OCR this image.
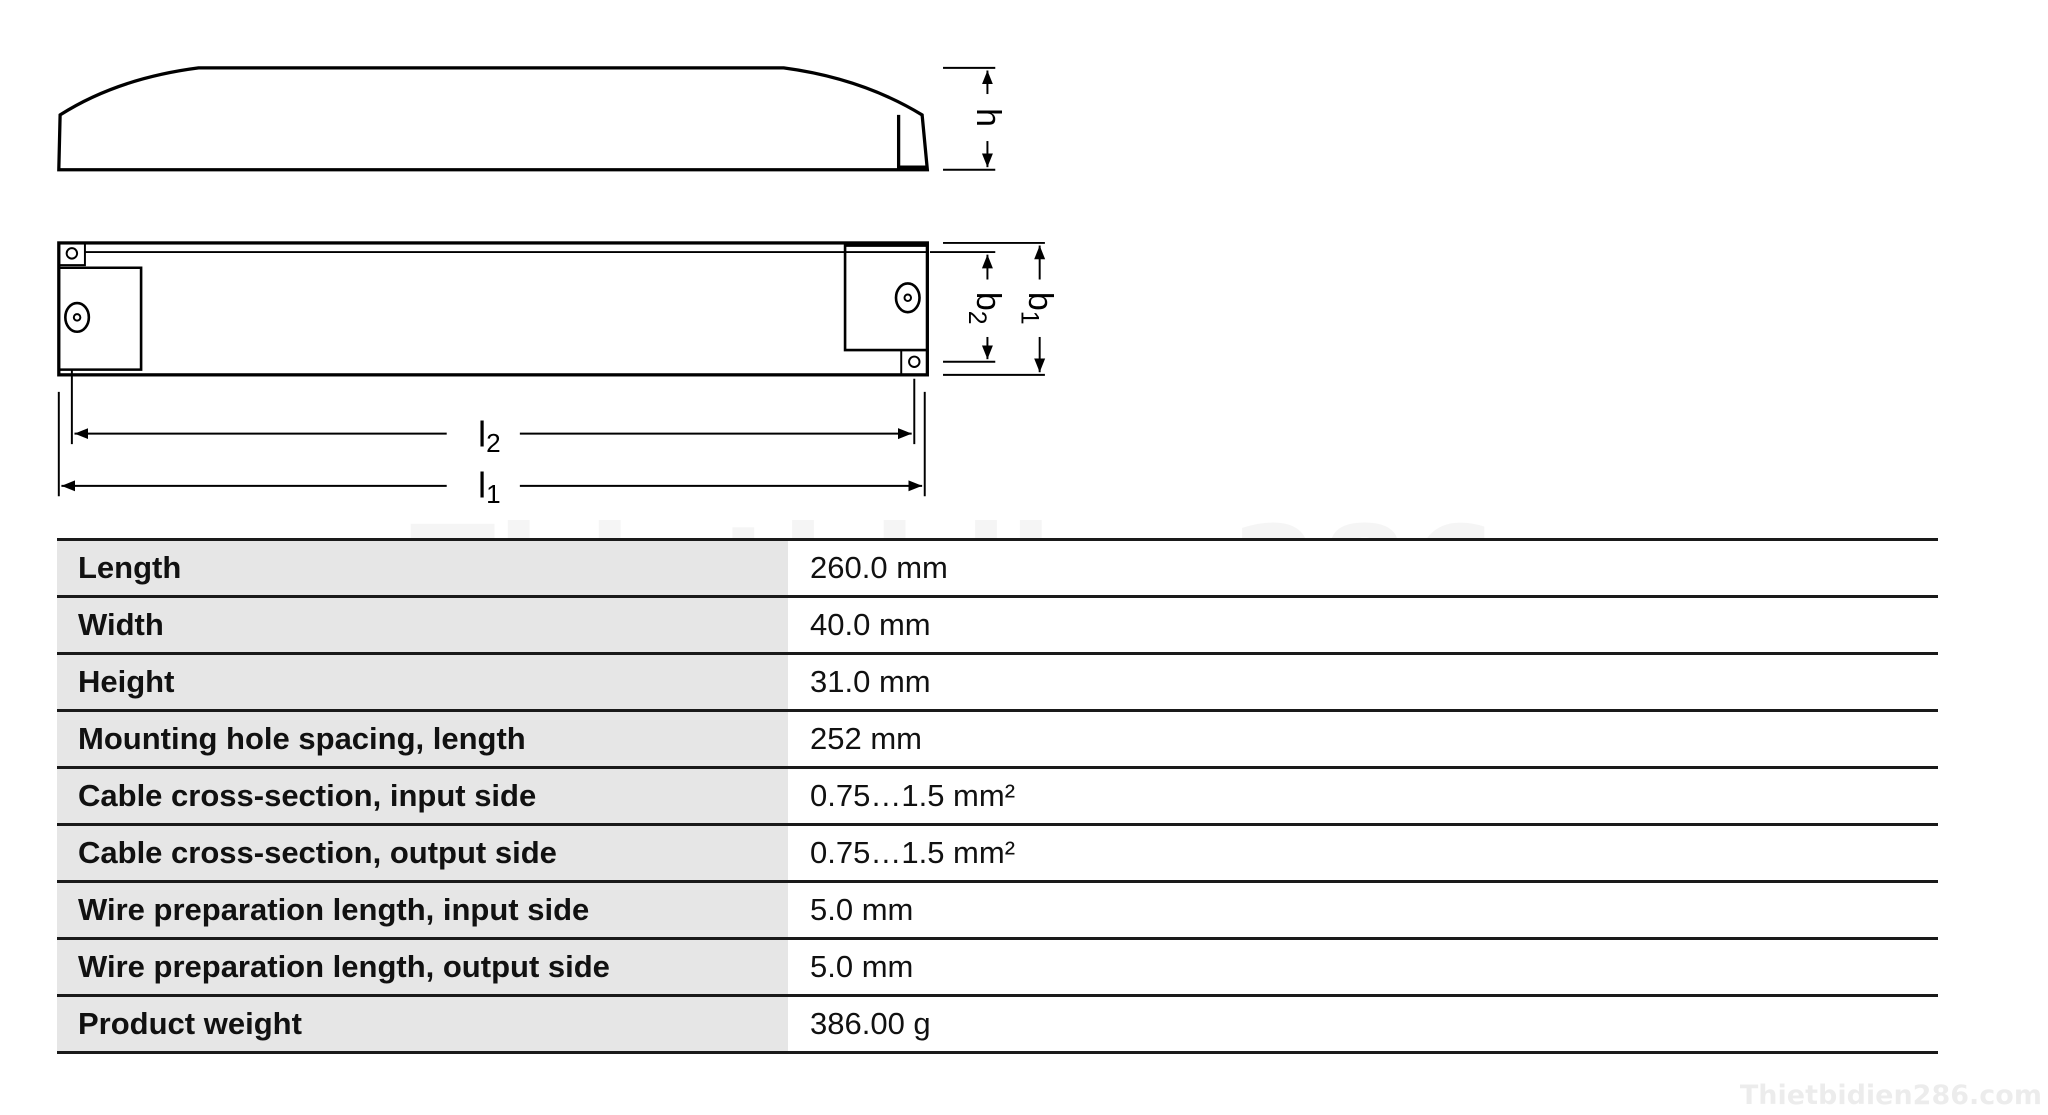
Thietbidien286.com
h
$b_2$
$b_1$
l2
l1
Length	260.0 mm
Width	40.0 mm
Height	31.0 mm
Mounting hole spacing, length	252 mm
Cable cross-section, input side	0.75…1.5 mm²
Cable cross-section, output side	0.75…1.5 mm²
Wire preparation length, input side	5.0 mm
Wire preparation length, output side	5.0 mm
Product weight	386.00 g
